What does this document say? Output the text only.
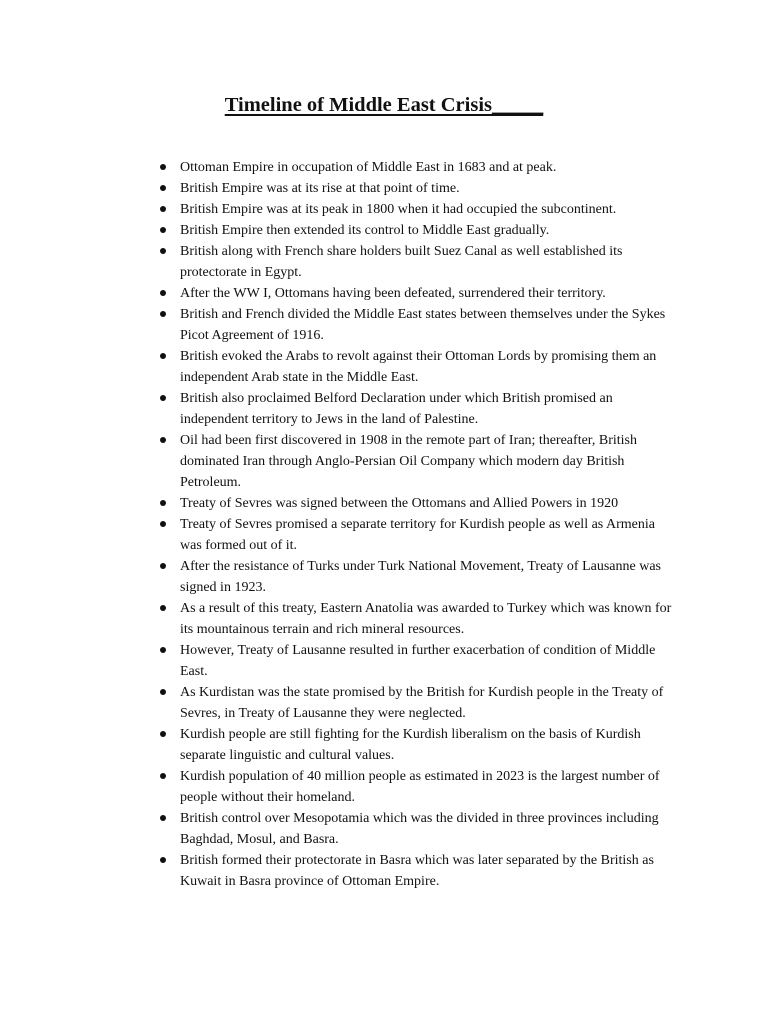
Timeline of Middle East Crisis_____
Ottoman Empire in occupation of Middle East in 1683 and at peak.
British Empire was at its rise at that point of time.
British Empire was at its peak in 1800 when it had occupied the subcontinent.
British Empire then extended its control to Middle East gradually.
British along with French share holders built Suez Canal as well established its protectorate in Egypt.
After the WW I, Ottomans having been defeated, surrendered their territory.
British and French divided the Middle East states between themselves under the Sykes Picot Agreement of 1916.
British evoked the Arabs to revolt against their Ottoman Lords by promising them an independent Arab state in the Middle East.
British also proclaimed Belford Declaration under which British promised an independent territory to Jews in the land of Palestine.
Oil had been first discovered in 1908 in the remote part of Iran; thereafter, British dominated Iran through Anglo-Persian Oil Company which modern day British Petroleum.
Treaty of Sevres was signed between the Ottomans and Allied Powers in 1920
Treaty of Sevres promised a separate territory for Kurdish people as well as Armenia was formed out of it.
After the resistance of Turks under Turk National Movement, Treaty of Lausanne was signed in 1923.
As a result of this treaty, Eastern Anatolia was awarded to Turkey which was known for its mountainous terrain and rich mineral resources.
However, Treaty of Lausanne resulted in further exacerbation of condition of Middle East.
As Kurdistan was the state promised by the British for Kurdish people in the Treaty of Sevres, in Treaty of Lausanne they were neglected.
Kurdish people are still fighting for the Kurdish liberalism on the basis of Kurdish separate linguistic and cultural values.
Kurdish population of 40 million people as estimated in 2023 is the largest number of people without their homeland.
British control over Mesopotamia which was the divided in three provinces including Baghdad, Mosul, and Basra.
British formed their protectorate in Basra which was later separated by the British as Kuwait in Basra province of Ottoman Empire.
